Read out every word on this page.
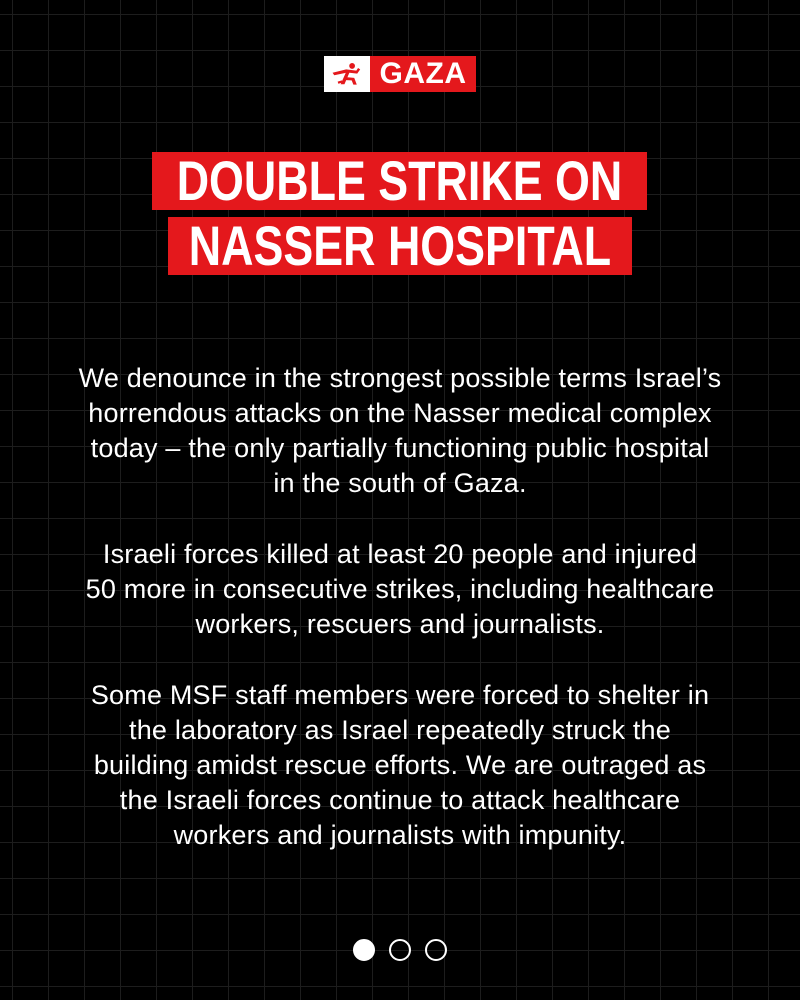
GAZA
DOUBLE STRIKE ON
NASSER HOSPITAL

We denounce in the strongest possible terms Israel’s
horrendous attacks on the Nasser medical complex
today – the only partially functioning public hospital
in the south of Gaza.

Israeli forces killed at least 20 people and injured
50 more in consecutive strikes, including healthcare
workers, rescuers and journalists.

Some MSF staff members were forced to shelter in
the laboratory as Israel repeatedly struck the
building amidst rescue efforts. We are outraged as
the Israeli forces continue to attack healthcare
workers and journalists with impunity.
